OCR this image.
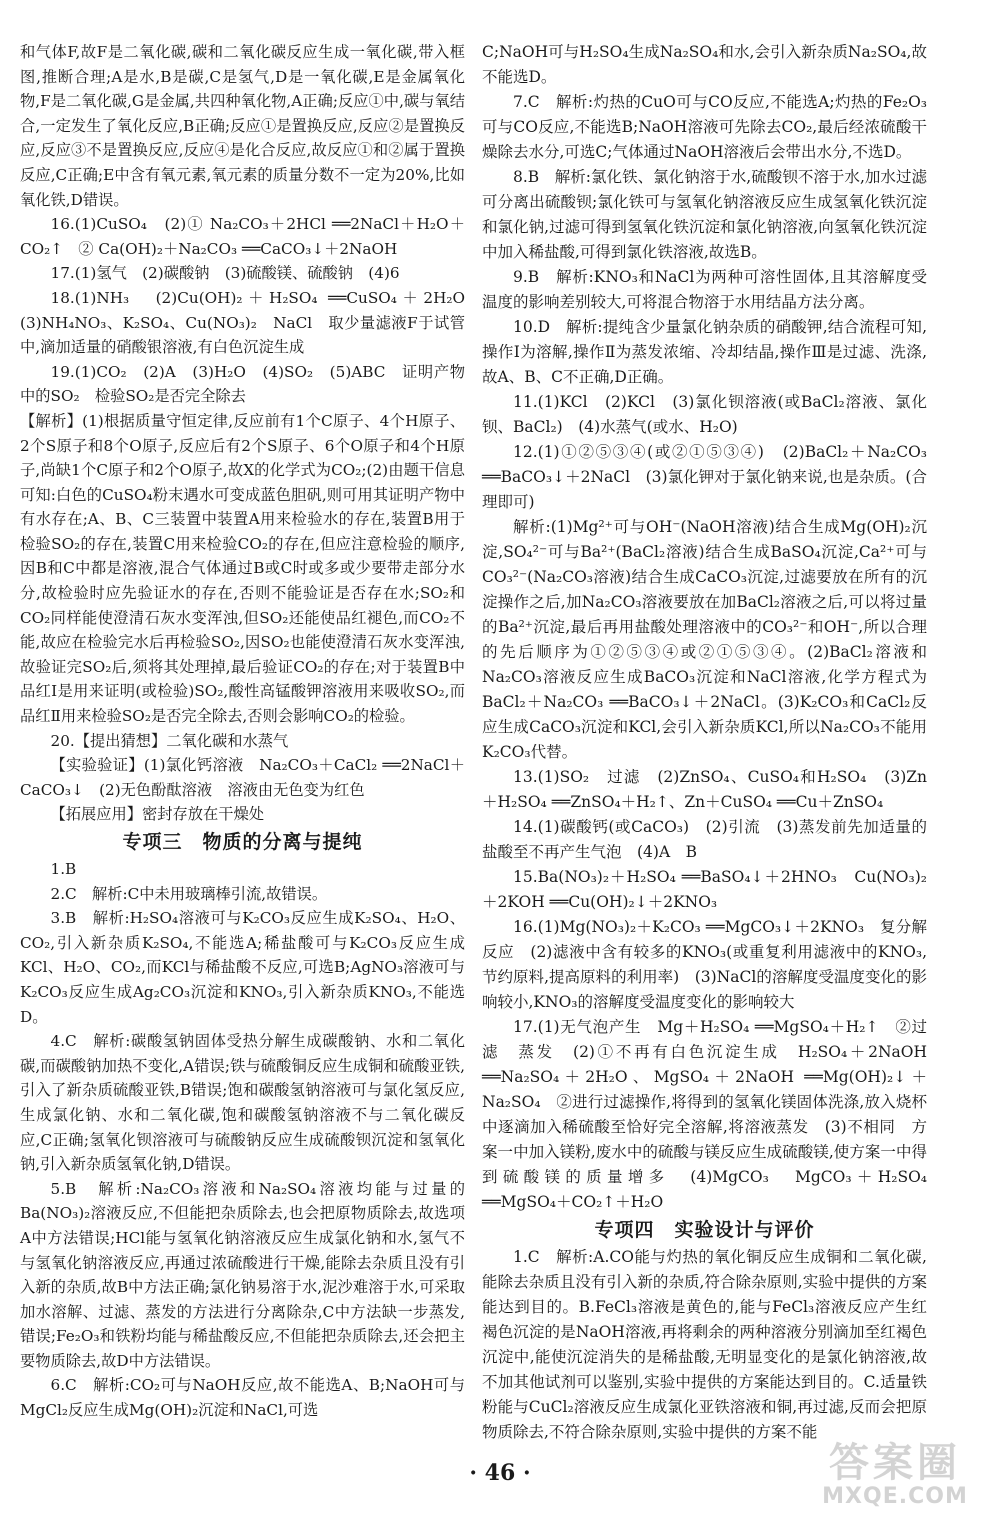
和气体F,故F是二氧化碳,碳和二氧化碳反应生成一氧化碳,带入框图,推断合理;A是水,B是碳,C是氢气,D是一氧化碳,E是金属氧化物,F是二氧化碳,G是金属,共四种氧化物,A正确;反应①中,碳与氧结合,一定发生了氧化反应,B正确;反应①是置换反应,反应②是置换反应,反应③不是置换反应,反应④是化合反应,故反应①和②属于置换反应,C正确;E中含有氧元素,氧元素的质量分数不一定为20%,比如氧化铁,D错误。

16.(1)CuSO₄　(2)① Na₂CO₃＋2HCl ══2NaCl＋H₂O＋CO₂↑　② Ca(OH)₂＋Na₂CO₃ ══CaCO₃↓＋2NaOH

17.(1)氢气　(2)碳酸钠　(3)硫酸镁、硫酸钠　(4)6

18.(1)NH₃　(2)Cu(OH)₂＋H₂SO₄ ══CuSO₄＋2H₂O　(3)NH₄NO₃、K₂SO₄、Cu(NO₃)₂　NaCl　取少量滤液F于试管中,滴加适量的硝酸银溶液,有白色沉淀生成

19.(1)CO₂　(2)A　(3)H₂O　(4)SO₂　(5)ABC　证明产物中的SO₂　检验SO₂是否完全除去

【解析】(1)根据质量守恒定律,反应前有1个C原子、4个H原子、2个S原子和8个O原子,反应后有2个S原子、6个O原子和4个H原子,尚缺1个C原子和2个O原子,故X的化学式为CO₂;(2)由题干信息可知:白色的CuSO₄粉末遇水可变成蓝色胆矾,则可用其证明产物中有水存在;A、B、C三装置中装置A用来检验水的存在,装置B用于检验SO₂的存在,装置C用来检验CO₂的存在,但应注意检验的顺序,因B和C中都是溶液,混合气体通过B或C时或多或少要带走部分水分,故检验时应先验证水的存在,否则不能验证是否存在水;SO₂和CO₂同样能使澄清石灰水变浑浊,但SO₂还能使品红褪色,而CO₂不能,故应在检验完水后再检验SO₂,因SO₂也能使澄清石灰水变浑浊,故验证完SO₂后,须将其处理掉,最后验证CO₂的存在;对于装置B中品红Ⅰ是用来证明(或检验)SO₂,酸性高锰酸钾溶液用来吸收SO₂,而品红Ⅱ用来检验SO₂是否完全除去,否则会影响CO₂的检验。

20.【提出猜想】二氧化碳和水蒸气

【实验验证】(1)氯化钙溶液　Na₂CO₃＋CaCl₂ ══2NaCl＋CaCO₃↓　(2)无色酚酞溶液　溶液由无色变为红色

【拓展应用】密封存放在干燥处

专项三　物质的分离与提纯

1.B

2.C　解析:C中未用玻璃棒引流,故错误。

3.B　解析:H₂SO₄溶液可与K₂CO₃反应生成K₂SO₄、H₂O、CO₂,引入新杂质K₂SO₄,不能选A;稀盐酸可与K₂CO₃反应生成KCl、H₂O、CO₂,而KCl与稀盐酸不反应,可选B;AgNO₃溶液可与K₂CO₃反应生成Ag₂CO₃沉淀和KNO₃,引入新杂质KNO₃,不能选D。

4.C　解析:碳酸氢钠固体受热分解生成碳酸钠、水和二氧化碳,而碳酸钠加热不变化,A错误;铁与硫酸铜反应生成铜和硫酸亚铁,引入了新杂质硫酸亚铁,B错误;饱和碳酸氢钠溶液可与氯化氢反应,生成氯化钠、水和二氧化碳,饱和碳酸氢钠溶液不与二氧化碳反应,C正确;氢氧化钡溶液可与硫酸钠反应生成硫酸钡沉淀和氢氧化钠,引入新杂质氢氧化钠,D错误。

5.B　解析:Na₂CO₃溶液和Na₂SO₄溶液均能与过量的Ba(NO₃)₂溶液反应,不但能把杂质除去,也会把原物质除去,故选项A中方法错误;HCl能与氢氧化钠溶液反应生成氯化钠和水,氢气不与氢氧化钠溶液反应,再通过浓硫酸进行干燥,能除去杂质且没有引入新的杂质,故B中方法正确;氯化钠易溶于水,泥沙难溶于水,可采取加水溶解、过滤、蒸发的方法进行分离除杂,C中方法缺一步蒸发,错误;Fe₂O₃和铁粉均能与稀盐酸反应,不但能把杂质除去,还会把主要物质除去,故D中方法错误。

6.C　解析:CO₂可与NaOH反应,故不能选A、B;NaOH可与MgCl₂反应生成Mg(OH)₂沉淀和NaCl,可选

C;NaOH可与H₂SO₄生成Na₂SO₄和水,会引入新杂质Na₂SO₄,故不能选D。

7.C　解析:灼热的CuO可与CO反应,不能选A;灼热的Fe₂O₃可与CO反应,不能选B;NaOH溶液可先除去CO₂,最后经浓硫酸干燥除去水分,可选C;气体通过NaOH溶液后会带出水分,不选D。

8.B　解析:氯化铁、氯化钠溶于水,硫酸钡不溶于水,加水过滤可分离出硫酸钡;氯化铁可与氢氧化钠溶液反应生成氢氧化铁沉淀和氯化钠,过滤可得到氢氧化铁沉淀和氯化钠溶液,向氢氧化铁沉淀中加入稀盐酸,可得到氯化铁溶液,故选B。

9.B　解析:KNO₃和NaCl为两种可溶性固体,且其溶解度受温度的影响差别较大,可将混合物溶于水用结晶方法分离。

10.D　解析:提纯含少量氯化钠杂质的硝酸钾,结合流程可知,操作Ⅰ为溶解,操作Ⅱ为蒸发浓缩、冷却结晶,操作Ⅲ是过滤、洗涤,故A、B、C不正确,D正确。

11.(1)KCl　(2)KCl　(3)氯化钡溶液(或BaCl₂溶液、氯化钡、BaCl₂)　(4)水蒸气(或水、H₂O)

12.(1)①②⑤③④(或②①⑤③④)　(2)BaCl₂＋Na₂CO₃ ══BaCO₃↓＋2NaCl　(3)氯化钾对于氯化钠来说,也是杂质。(合理即可)

解析:(1)Mg²⁺可与OH⁻(NaOH溶液)结合生成Mg(OH)₂沉淀,SO₄²⁻可与Ba²⁺(BaCl₂溶液)结合生成BaSO₄沉淀,Ca²⁺可与CO₃²⁻(Na₂CO₃溶液)结合生成CaCO₃沉淀,过滤要放在所有的沉淀操作之后,加Na₂CO₃溶液要放在加BaCl₂溶液之后,可以将过量的Ba²⁺沉淀,最后再用盐酸处理溶液中的CO₃²⁻和OH⁻,所以合理的先后顺序为①②⑤③④或②①⑤③④。(2)BaCl₂溶液和Na₂CO₃溶液反应生成BaCO₃沉淀和NaCl溶液,化学方程式为BaCl₂＋Na₂CO₃ ══BaCO₃↓＋2NaCl。(3)K₂CO₃和CaCl₂反应生成CaCO₃沉淀和KCl,会引入新杂质KCl,所以Na₂CO₃不能用K₂CO₃代替。

13.(1)SO₂　过滤　(2)ZnSO₄、CuSO₄和H₂SO₄　(3)Zn＋H₂SO₄ ══ZnSO₄＋H₂↑、Zn＋CuSO₄ ══Cu＋ZnSO₄

14.(1)碳酸钙(或CaCO₃)　(2)引流　(3)蒸发前先加适量的盐酸至不再产生气泡　(4)A　B

15.Ba(NO₃)₂＋H₂SO₄ ══BaSO₄↓＋2HNO₃　Cu(NO₃)₂＋2KOH ══Cu(OH)₂↓＋2KNO₃

16.(1)Mg(NO₃)₂＋K₂CO₃ ══MgCO₃↓＋2KNO₃　复分解反应　(2)滤液中含有较多的KNO₃(或重复利用滤液中的KNO₃,节约原料,提高原料的利用率)　(3)NaCl的溶解度受温度变化的影响较小,KNO₃的溶解度受温度变化的影响较大

17.(1)无气泡产生　Mg＋H₂SO₄ ══MgSO₄＋H₂↑　②过滤　蒸发　(2)①不再有白色沉淀生成　H₂SO₄＋2NaOH ══Na₂SO₄＋2H₂O、MgSO₄＋2NaOH ══Mg(OH)₂↓＋Na₂SO₄　②进行过滤操作,将得到的氢氧化镁固体洗涤,放入烧杯中逐滴加入稀硫酸至恰好完全溶解,将溶液蒸发　(3)不相同　方案一中加入镁粉,废水中的硫酸与镁反应生成硫酸镁,使方案一中得到硫酸镁的质量增多　(4)MgCO₃　MgCO₃＋H₂SO₄ ══MgSO₄＋CO₂↑＋H₂O

专项四　实验设计与评价

1.C　解析:A.CO能与灼热的氧化铜反应生成铜和二氧化碳,能除去杂质且没有引入新的杂质,符合除杂原则,实验中提供的方案能达到目的。B.FeCl₃溶液是黄色的,能与FeCl₃溶液反应产生红褐色沉淀的是NaOH溶液,再将剩余的两种溶液分别滴加至红褐色沉淀中,能使沉淀消失的是稀盐酸,无明显变化的是氯化钠溶液,故不加其他试剂可以鉴别,实验中提供的方案能达到目的。C.适量铁粉能与CuCl₂溶液反应生成氯化亚铁溶液和铜,再过滤,反而会把原物质除去,不符合除杂原则,实验中提供的方案不能

· 46 ·	答案圈
MXQE.COM
